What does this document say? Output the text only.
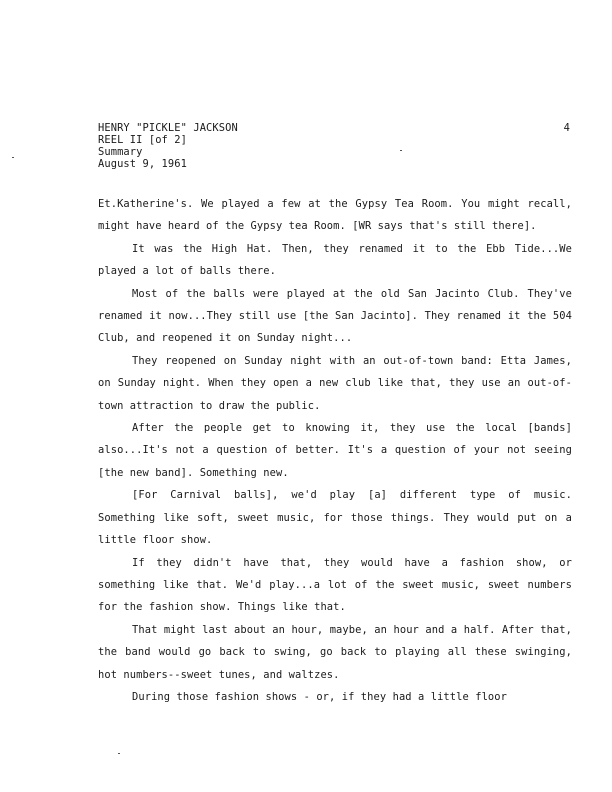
HENRY "PICKLE" JACKSON
REEL II [of 2]
Summary
August 9, 1961
4

Et.Katherine's. We played a few at the Gypsy Tea Room. You might recall, might have heard of the Gypsy tea Room. [WR says that's still there].

It was the High Hat. Then, they renamed it to the Ebb Tide...We played a lot of balls there.

Most of the balls were played at the old San Jacinto Club. They've renamed it now...They still use [the San Jacinto]. They renamed it the 504 Club, and reopened it on Sunday night...

They reopened on Sunday night with an out-of-town band: Etta James, on Sunday night. When they open a new club like that, they use an out-of-town attraction to draw the public.

After the people get to knowing it, they use the local [bands] also...It's not a question of better. It's a question of your not seeing [the new band]. Something new.

[For Carnival balls], we'd play [a] different type of music. Something like soft, sweet music, for those things. They would put on a little floor show.

If they didn't have that, they would have a fashion show, or something like that. We'd play...a lot of the sweet music, sweet numbers for the fashion show. Things like that.

That might last about an hour, maybe, an hour and a half. After that, the band would go back to swing, go back to playing all these swinging, hot numbers--sweet tunes, and waltzes.

During those fashion shows - or, if they had a little floor
